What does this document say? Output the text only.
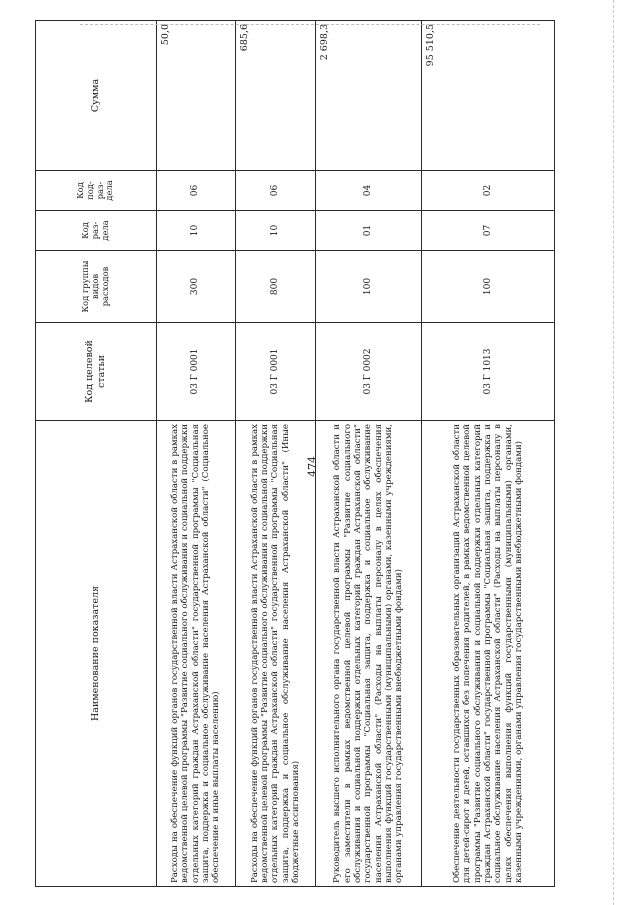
474
Наименование показателя	Код целевой статьи	Код группы видов расходов	Код раз-дела	Код под-раз-дела	Сумма
Расходы на обеспечение функций органов государственной власти Астраханской области в рамках ведомственной целевой программы "Развитие социального обслуживания и социальной поддержки отдельных категорий граждан Астраханской области" государственной программы "Социальная защита, поддержка и социальное обслуживание населения Астраханской области" (Социальное обеспечение и иные выплаты населению)	03 Г 0001	300	10	06	50,0
Расходы на обеспечение функций органов государственной власти Астраханской области в рамках ведомственной целевой программы "Развитие социального обслуживания и социальной поддержки отдельных категорий граждан Астраханской области" государственной программы "Социальная защита, поддержка и социальное обслуживание населения Астраханской области" (Иные бюджетные ассигнования)	03 Г 0001	800	10	06	685,6
Руководитель высшего исполнительного органа государственной власти Астраханской области и его заместители в рамках ведомственной целевой программы "Развитие социального обслуживания и социальной поддержки отдельных категорий граждан Астраханской области" государственной программы "Социальная защита, поддержка и социальное обслуживание населения Астраханской области" (Расходы на выплаты персоналу в целях обеспечения выполнения функций государственными (муниципальными) органами, казенными учреждениями, органами управления государственными внебюджетными фондами)	03 Г 0002	100	01	04	2 698,3
Обеспечение деятельности государственных образовательных организаций Астраханской области для детей-сирот и детей, оставшихся без попечения родителей, в рамках ведомственной целевой программы "Развитие социального обслуживания и социальной поддержки отдельных категорий граждан Астраханской области" государственной программы "Социальная защита, поддержка и социальное обслуживание населения Астраханской области" (Расходы на выплаты персоналу в целях обеспечения выполнения функций государственными (муниципальными) органами, казенными учреждениями, органами управления государственными внебюджетными фондами)	03 Г 1013	100	07	02	95 510,5
